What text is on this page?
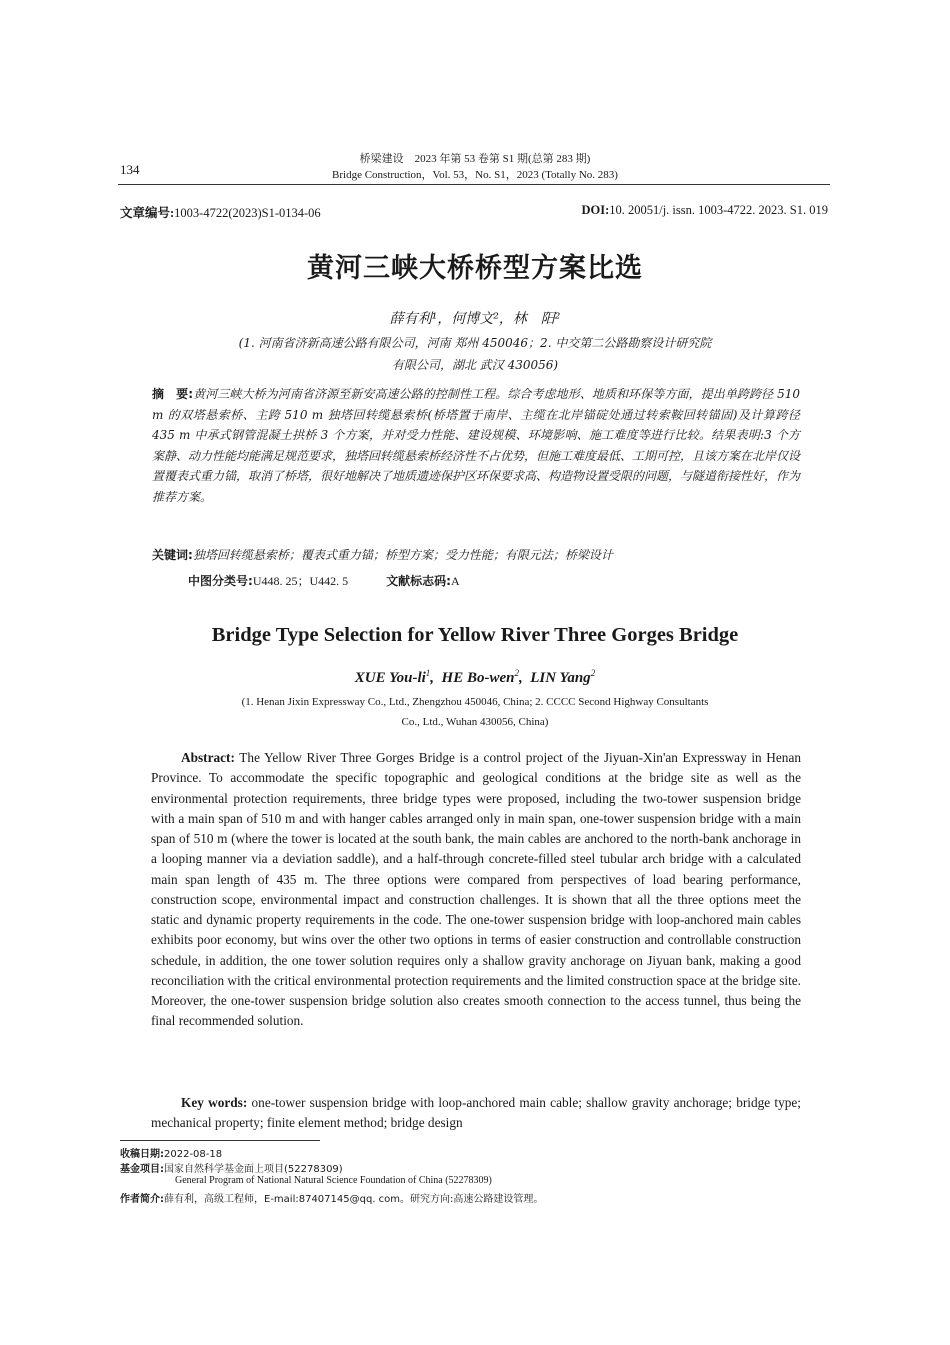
134
桥梁建设　2023 年第 53 卷第 S1 期(总第 283 期)
Bridge Construction，Vol. 53，No. S1，2023 (Totally No. 283)
文章编号:1003-4722(2023)S1-0134-06	DOI:10. 20051/j. issn. 1003-4722. 2023. S1. 019
黄河三峡大桥桥型方案比选
薛有利¹，何博文²，林　阳²
(1. 河南省济新高速公路有限公司，河南 郑州 450046；2. 中交第二公路勘察设计研究院
有限公司，湖北 武汉 430056)
摘　要:黄河三峡大桥为河南省济源至新安高速公路的控制性工程。综合考虑地形、地质和环保等方面，提出单跨跨径 510 m 的双塔悬索桥、主跨 510 m 独塔回转缆悬索桥(桥塔置于南岸、主缆在北岸锚碇处通过转索鞍回转锚固)及计算跨径 435 m 中承式钢管混凝土拱桥 3 个方案，并对受力性能、建设规模、环境影响、施工难度等进行比较。结果表明:3 个方案静、动力性能均能满足规范要求，独塔回转缆悬索桥经济性不占优势，但施工难度最低、工期可控，且该方案在北岸仅设置覆表式重力锚，取消了桥塔，很好地解决了地质遗迹保护区环保要求高、构造物设置受限的问题，与隧道衔接性好，作为推荐方案。
关键词:独塔回转缆悬索桥；覆表式重力锚；桥型方案；受力性能；有限元法；桥梁设计
中图分类号:U448. 25；U442. 5	文献标志码:A
Bridge Type Selection for Yellow River Three Gorges Bridge
XUE You-$li^1$,  HE Bo-wen$^2$,  LIN Yang$^2$
(1. Henan Jixin Expressway Co., Ltd., Zhengzhou 450046, China; 2. CCCC Second Highway Consultants
Co., Ltd., Wuhan 430056, China)
Abstract: The Yellow River Three Gorges Bridge is a control project of the Jiyuan-Xin'an Expressway in Henan Province. To accommodate the specific topographic and geological conditions at the bridge site as well as the environmental protection requirements, three bridge types were proposed, including the two-tower suspension bridge with a main span of 510 m and with hanger cables arranged only in main span, one-tower suspension bridge with a main span of 510 m (where the tower is located at the south bank, the main cables are anchored to the north-bank anchorage in a looping manner via a deviation saddle), and a half-through concrete-filled steel tubular arch bridge with a calculated main span length of 435 m. The three options were compared from perspectives of load bearing performance, construction scope, environmental impact and construction challenges. It is shown that all the three options meet the static and dynamic property requirements in the code. The one-tower suspension bridge with loop-anchored main cables exhibits poor economy, but wins over the other two options in terms of easier construction and controllable construction schedule, in addition, the one tower solution requires only a shallow gravity anchorage on Jiyuan bank, making a good reconciliation with the critical environmental protection requirements and the limited construction space at the bridge site. Moreover, the one-tower suspension bridge solution also creates smooth connection to the access tunnel, thus being the final recommended solution.
Key words: one-tower suspension bridge with loop-anchored main cable; shallow gravity anchorage; bridge type; mechanical property; finite element method; bridge design
收稿日期:2022-08-18
基金项目:国家自然科学基金面上项目(52278309)
General Program of National Natural Science Foundation of China (52278309)
作者简介:薛有利，高级工程师，E-mail:87407145@qq. com。研究方向:高速公路建设管理。
